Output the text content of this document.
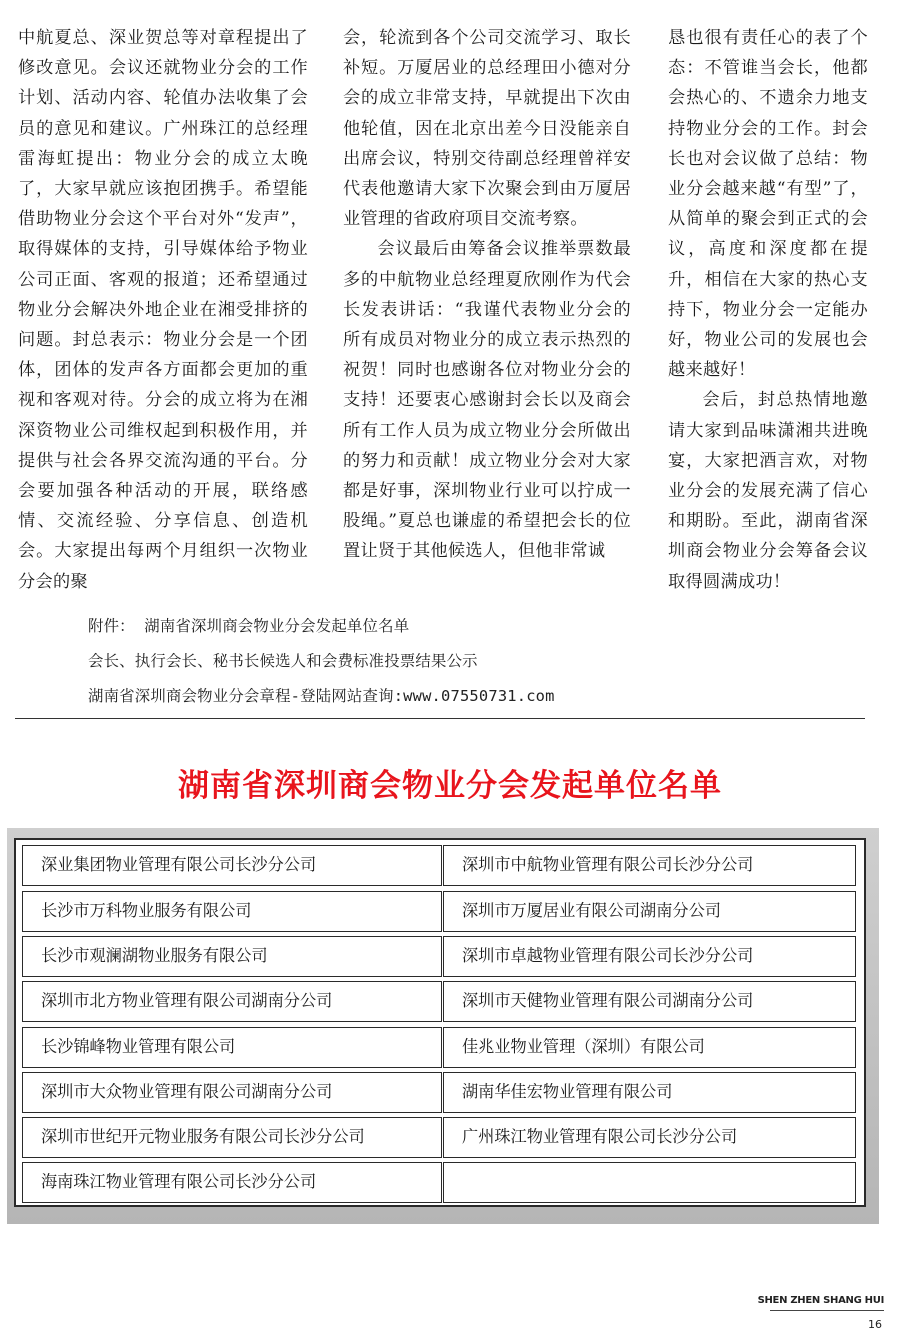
中航夏总、深业贺总等对章程提出了修改意见。会议还就物业分会的工作计划、活动内容、轮值办法收集了会员的意见和建议。广州珠江的总经理雷海虹提出：物业分会的成立太晚了，大家早就应该抱团携手。希望能借助物业分会这个平台对外“发声”，取得媒体的支持，引导媒体给予物业公司正面、客观的报道；还希望通过物业分会解决外地企业在湘受排挤的问题。封总表示：物业分会是一个团体，团体的发声各方面都会更加的重视和客观对待。分会的成立将为在湘深资物业公司维权起到积极作用，并提供与社会各界交流沟通的平台。分会要加强各种活动的开展，联络感情、交流经验、分享信息、创造机会。大家提出每两个月组织一次物业分会的聚

会，轮流到各个公司交流学习、取长补短。万厦居业的总经理田小德对分会的成立非常支持，早就提出下次由他轮值，因在北京出差今日没能亲自出席会议，特别交待副总经理曾祥安代表他邀请大家下次聚会到由万厦居业管理的省政府项目交流考察。

会议最后由筹备会议推举票数最多的中航物业总经理夏欣刚作为代会长发表讲话：“我谨代表物业分会的所有成员对物业分的成立表示热烈的祝贺！同时也感谢各位对物业分会的支持！还要衷心感谢封会长以及商会所有工作人员为成立物业分会所做出的努力和贡献！成立物业分会对大家都是好事，深圳物业行业可以拧成一股绳。”夏总也谦虚的希望把会长的位置让贤于其他候选人，但他非常诚

恳也很有责任心的表了个态：不管谁当会长，他都会热心的、不遗余力地支持物业分会的工作。封会长也对会议做了总结：物业分会越来越“有型”了，从简单的聚会到正式的会议，高度和深度都在提升，相信在大家的热心支持下，物业分会一定能办好，物业公司的发展也会越来越好！

会后，封总热情地邀请大家到品味潇湘共进晚宴，大家把酒言欢，对物业分会的发展充满了信心和期盼。至此，湖南省深圳商会物业分会筹备会议取得圆满成功！

附件： 湖南省深圳商会物业分会发起单位名单
会长、执行会长、秘书长候选人和会费标准投票结果公示
湖南省深圳商会物业分会章程-登陆网站查询:www.07550731.com
湖南省深圳商会物业分会发起单位名单
深业集团物业管理有限公司长沙分公司	深圳市中航物业管理有限公司长沙分公司
长沙市万科物业服务有限公司	深圳市万厦居业有限公司湖南分公司
长沙市观澜湖物业服务有限公司	深圳市卓越物业管理有限公司长沙分公司
深圳市北方物业管理有限公司湖南分公司	深圳市天健物业管理有限公司湖南分公司
长沙锦峰物业管理有限公司	佳兆业物业管理（深圳）有限公司
深圳市大众物业管理有限公司湖南分公司	湖南华佳宏物业管理有限公司
深圳市世纪开元物业服务有限公司长沙分公司	广州珠江物业管理有限公司长沙分公司
海南珠江物业管理有限公司长沙分公司
SHEN ZHEN SHANG HUI
16
